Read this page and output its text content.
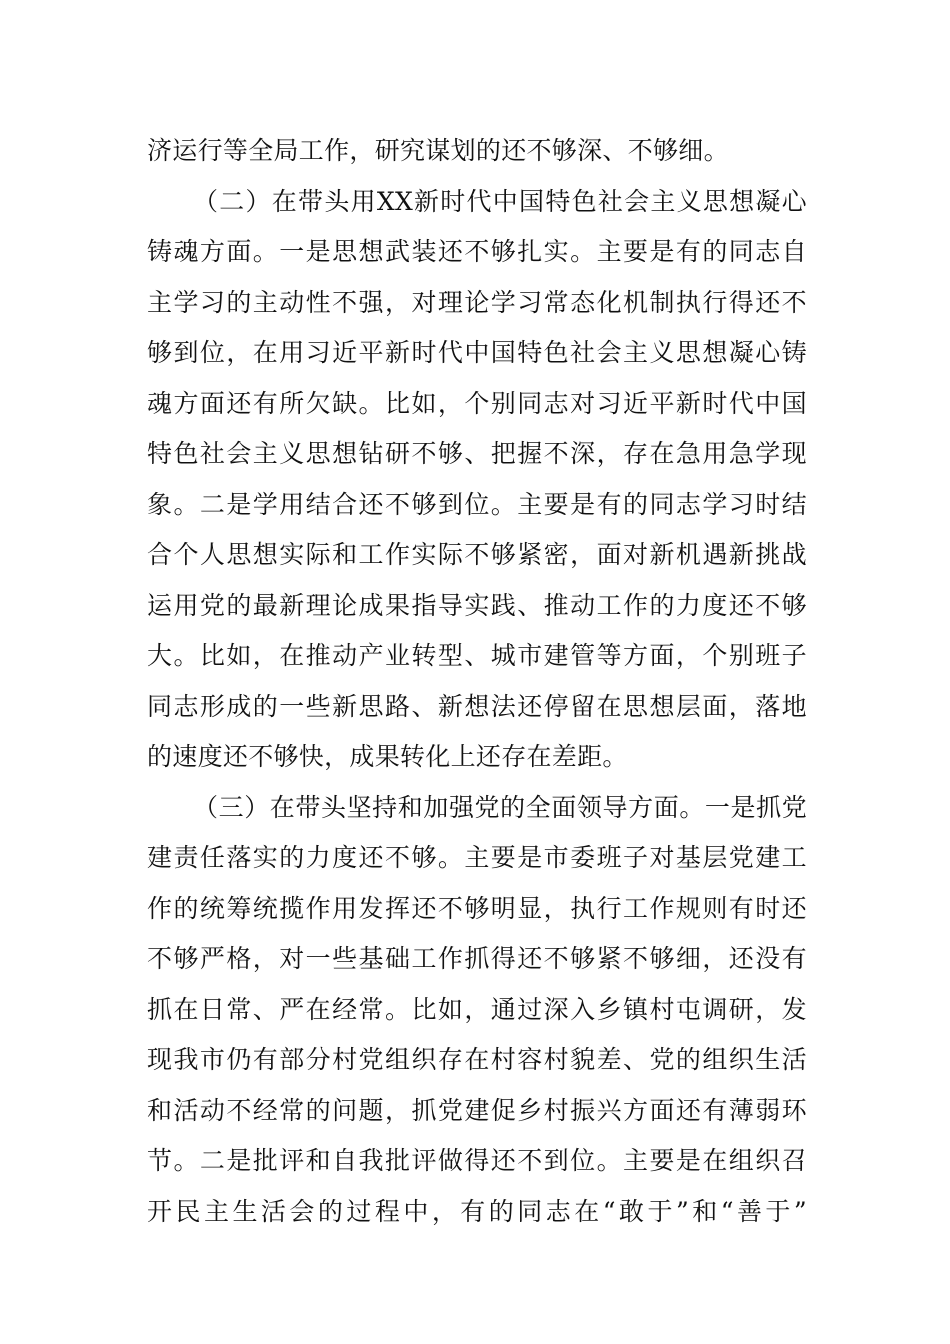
济运行等全局工作，研究谋划的还不够深、不够细。
（二）在带头用XX新时代中国特色社会主义思想凝心
铸魂方面。一是思想武装还不够扎实。主要是有的同志自
主学习的主动性不强，对理论学习常态化机制执行得还不
够到位，在用习近平新时代中国特色社会主义思想凝心铸
魂方面还有所欠缺。比如，个别同志对习近平新时代中国
特色社会主义思想钻研不够、把握不深，存在急用急学现
象。二是学用结合还不够到位。主要是有的同志学习时结
合个人思想实际和工作实际不够紧密，面对新机遇新挑战
运用党的最新理论成果指导实践、推动工作的力度还不够
大。比如，在推动产业转型、城市建管等方面，个别班子
同志形成的一些新思路、新想法还停留在思想层面，落地
的速度还不够快，成果转化上还存在差距。
（三）在带头坚持和加强党的全面领导方面。一是抓党
建责任落实的力度还不够。主要是市委班子对基层党建工
作的统筹统揽作用发挥还不够明显，执行工作规则有时还
不够严格，对一些基础工作抓得还不够紧不够细，还没有
抓在日常、严在经常。比如，通过深入乡镇村屯调研，发
现我市仍有部分村党组织存在村容村貌差、党的组织生活
和活动不经常的问题，抓党建促乡村振兴方面还有薄弱环
节。二是批评和自我批评做得还不到位。主要是在组织召
开民主生活会的过程中，有的同志在“敢于”和“善于”
